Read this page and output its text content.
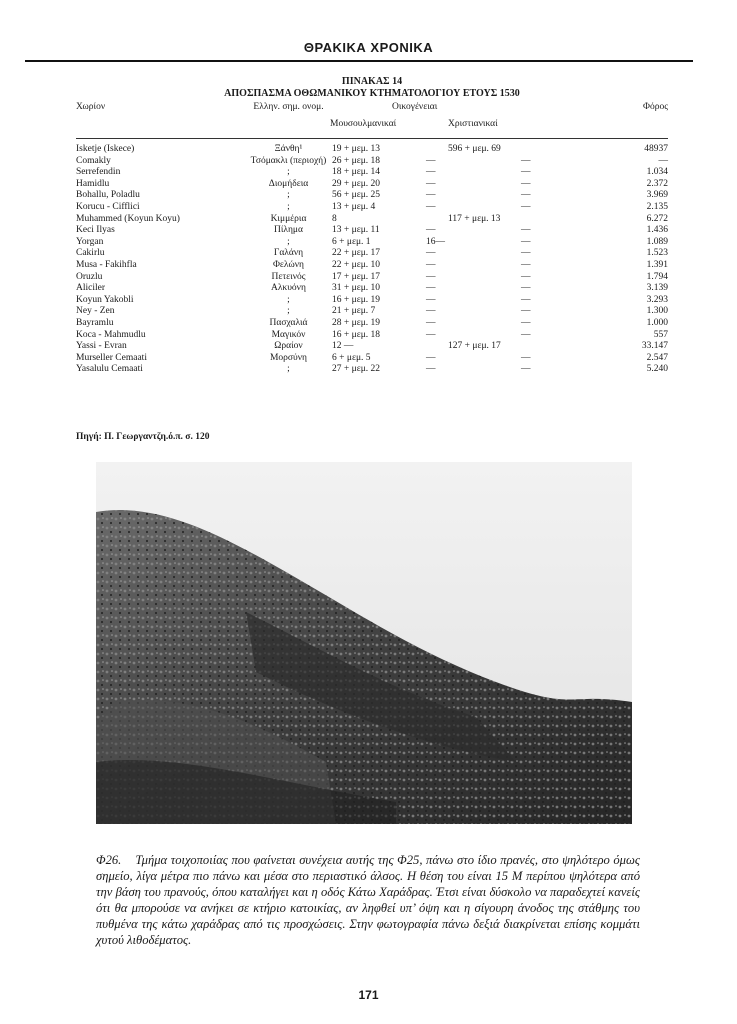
ΘΡΑΚΙΚΑ ΧΡΟΝΙΚΑ
ΠΙΝΑΚΑΣ 14
ΑΠΟΣΠΑΣΜΑ ΟΘΩΜΑΝΙΚΟΥ ΚΤΗΜΑΤΟΛΟΓΙΟΥ ΕΤΟΥΣ 1530
Χωρίον	Ελλην. σημ. ονομ.	Οικογένειαι	Φόρος
Μουσουλμανικαί	Χριστιανικαί
Isketje (Iskece)	Ξάνθη¹	19 + μεμ. 13	596 + μεμ. 69	48937
Comakly	Τσόμακλι (περιοχή) 26 + μεμ. 18	—	—	—
Serrefendin	;	18 + μεμ. 14	—	—	1.034
Hamidlu	Διομήδεια	29 + μεμ. 20	—	—	2.372
Bohallu, Poladlu	;	56 + μεμ. 25	—	—	3.969
Korucu - Cifflici	;	13 + μεμ. 4	—	—	2.135
Muhammed (Koyun Koyu)	Κιμμέρια	8	117 + μεμ. 13	6.272
Keci Ilyas	Πίλημα	13 + μεμ. 11	—	—	1.436
Yorgan	;	6 + μεμ. 1	16—	—	1.089
Cakirlu	Γαλάνη	22 + μεμ. 17	—	—	1.523
Musa - Fakihfla	Φελώνη	22 + μεμ. 10	—	—	1.391
Oruzlu	Πετεινός	17 + μεμ. 17	—	—	1.794
Aliciler	Αλκυόνη	31 + μεμ. 10	—	—	3.139
Koyun Yakobli	;	16 + μεμ. 19	—	—	3.293
Ney - Zen	;	21 + μεμ. 7	—	—	1.300
Bayramlu	Πασχαλιά	28 + μεμ. 19	—	—	1.000
Koca - Mahmudlu	Μαγικόν	16 + μεμ. 18	—	—	557
Yassi - Evran	Ωραίον	12 —	127 + μεμ. 17	33.147
Murseller Cemaati	Μορσύνη	6 + μεμ. 5	—	—	2.547
Yasalulu Cemaati	;	27 + μεμ. 22	—	—	5.240
Πηγή: Π. Γεωργαντζη.ό.π. σ. 120
Φ26. Τμήμα τοιχοποιίας που φαίνεται συνέχεια αυτής της Φ25, πάνω στο ίδιο πρανές, στο ψηλότερο όμως σημείο, λίγα μέτρα πιο πάνω και μέσα στο περιαστικό άλσος. Η θέση του είναι 15 Μ περίπου ψηλότερα από την βάση του πρανούς, όπου καταλήγει και η οδός Κάτω Χαράδρας. Έτσι είναι δύσκολο να παραδεχτεί κανείς ότι θα μπορούσε να ανήκει σε κτήριο κατοικίας, αν ληφθεί υπ’ όψη και η σίγουρη άνοδος της στάθμης του πυθμένα της κάτω χαράδρας από τις προσχώσεις. Στην φωτογραφία πάνω δεξιά διακρίνεται επίσης κομμάτι χυτού λιθοδέματος.
171
